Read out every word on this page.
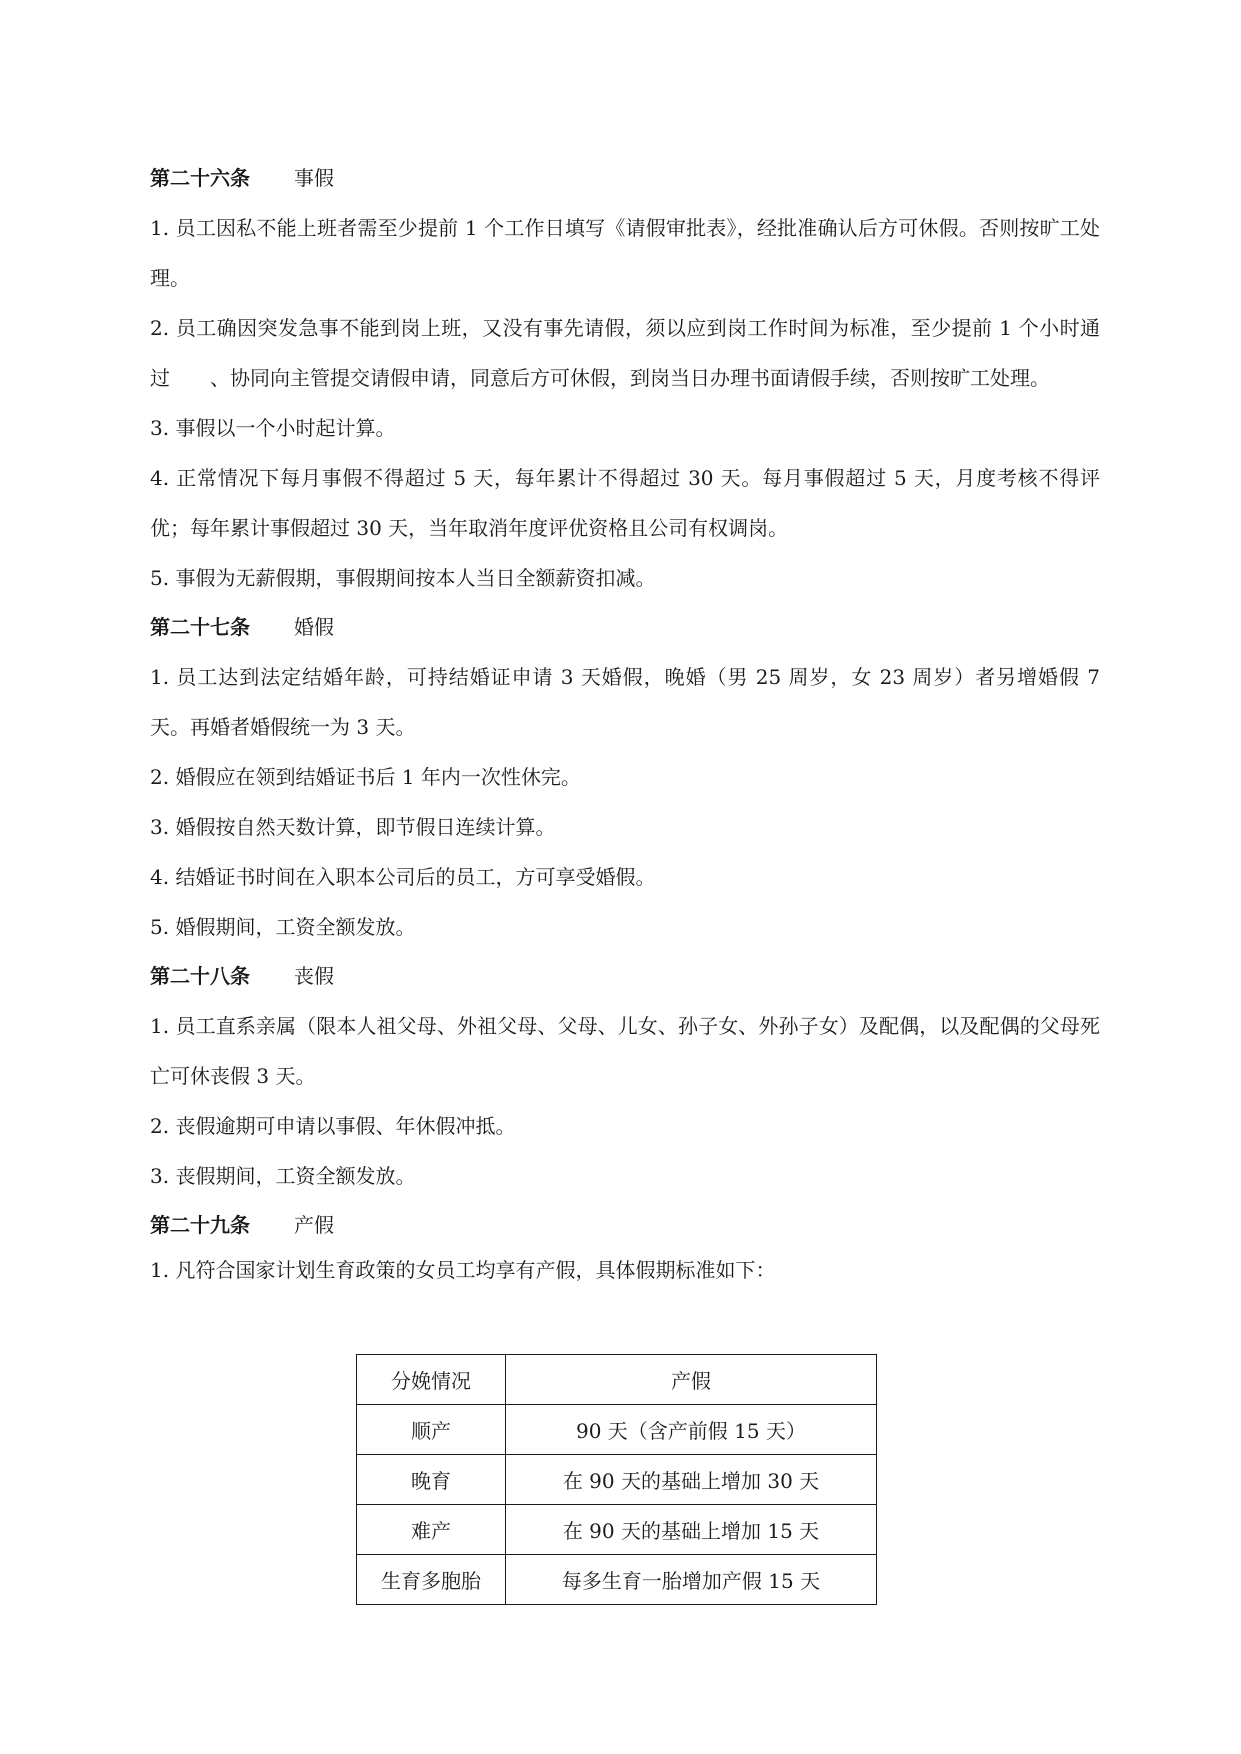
第二十六条 事假
1. 员工因私不能上班者需至少提前 1 个工作日填写《请假审批表》，经批准确认后方可休假。否则按旷工处理。
2. 员工确因突发急事不能到岗上班，又没有事先请假，须以应到岗工作时间为标准，至少提前 1 个小时通过　　、协同向主管提交请假申请，同意后方可休假，到岗当日办理书面请假手续，否则按旷工处理。
3. 事假以一个小时起计算。
4. 正常情况下每月事假不得超过 5 天，每年累计不得超过 30 天。每月事假超过 5 天，月度考核不得评优；每年累计事假超过 30 天，当年取消年度评优资格且公司有权调岗。
5. 事假为无薪假期，事假期间按本人当日全额薪资扣减。
第二十七条 婚假
1. 员工达到法定结婚年龄，可持结婚证申请 3 天婚假，晚婚（男 25 周岁，女 23 周岁）者另增婚假 7 天。再婚者婚假统一为 3 天。
2. 婚假应在领到结婚证书后 1 年内一次性休完。
3. 婚假按自然天数计算，即节假日连续计算。
4. 结婚证书时间在入职本公司后的员工，方可享受婚假。
5. 婚假期间，工资全额发放。
第二十八条 丧假
1. 员工直系亲属（限本人祖父母、外祖父母、父母、儿女、孙子女、外孙子女）及配偶，以及配偶的父母死亡可休丧假 3 天。
2. 丧假逾期可申请以事假、年休假冲抵。
3. 丧假期间，工资全额发放。
第二十九条 产假
1. 凡符合国家计划生育政策的女员工均享有产假，具体假期标准如下：
分娩情况	产假
顺产	90 天（含产前假 15 天）
晚育	在 90 天的基础上增加 30 天
难产	在 90 天的基础上增加 15 天
生育多胞胎	每多生育一胎增加产假 15 天
